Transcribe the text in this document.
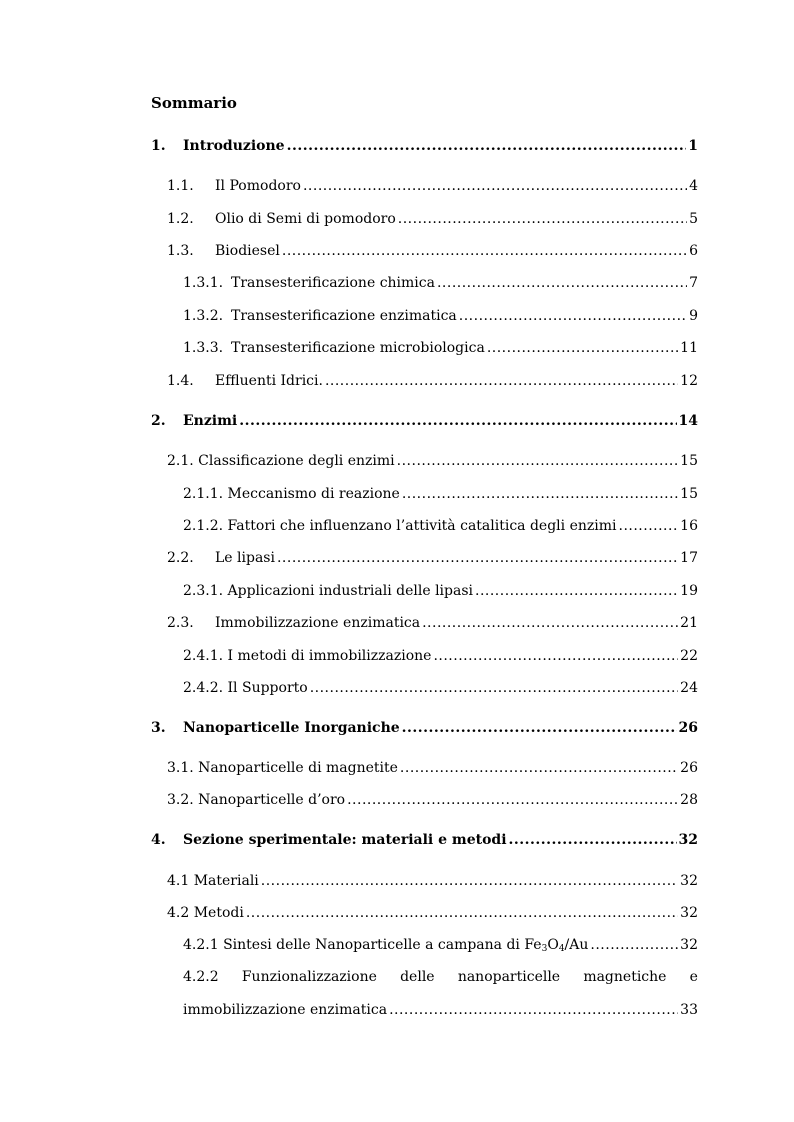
Sommario
1.	Introduzione .....	1
1.1.	Il Pomodoro .....	4
1.2.	Olio di Semi di pomodoro .....	5
1.3.	Biodiesel .....	6
1.3.1. Transesterificazione chimica .....	7
1.3.2. Transesterificazione enzimatica .....	9
1.3.3. Transesterificazione microbiologica .....	11
1.4.	Effluenti Idrici. .....	12
2.	Enzimi .....	14
2.1. Classificazione degli enzimi .....	15
2.1.1. Meccanismo di reazione .....	15
2.1.2. Fattori che influenzano l’attività catalitica degli enzimi .....	16
2.2.	Le lipasi .....	17
2.3.1. Applicazioni industriali delle lipasi .....	19
2.3.	Immobilizzazione enzimatica .....	21
2.4.1. I metodi di immobilizzazione .....	22
2.4.2. Il Supporto .....	24
3.	Nanoparticelle Inorganiche .....	26
3.1. Nanoparticelle di magnetite .....	26
3.2. Nanoparticelle d’oro .....	28
4.	Sezione sperimentale: materiali e metodi .....	32
4.1 Materiali .....	32
4.2 Metodi .....	32
4.2.1 Sintesi delle Nanoparticelle a campana di $Fe_3O_4/Au$ .....	32
4.2.2 Funzionalizzazione delle nanoparticelle magnetiche e
immobilizzazione enzimatica .....	33
